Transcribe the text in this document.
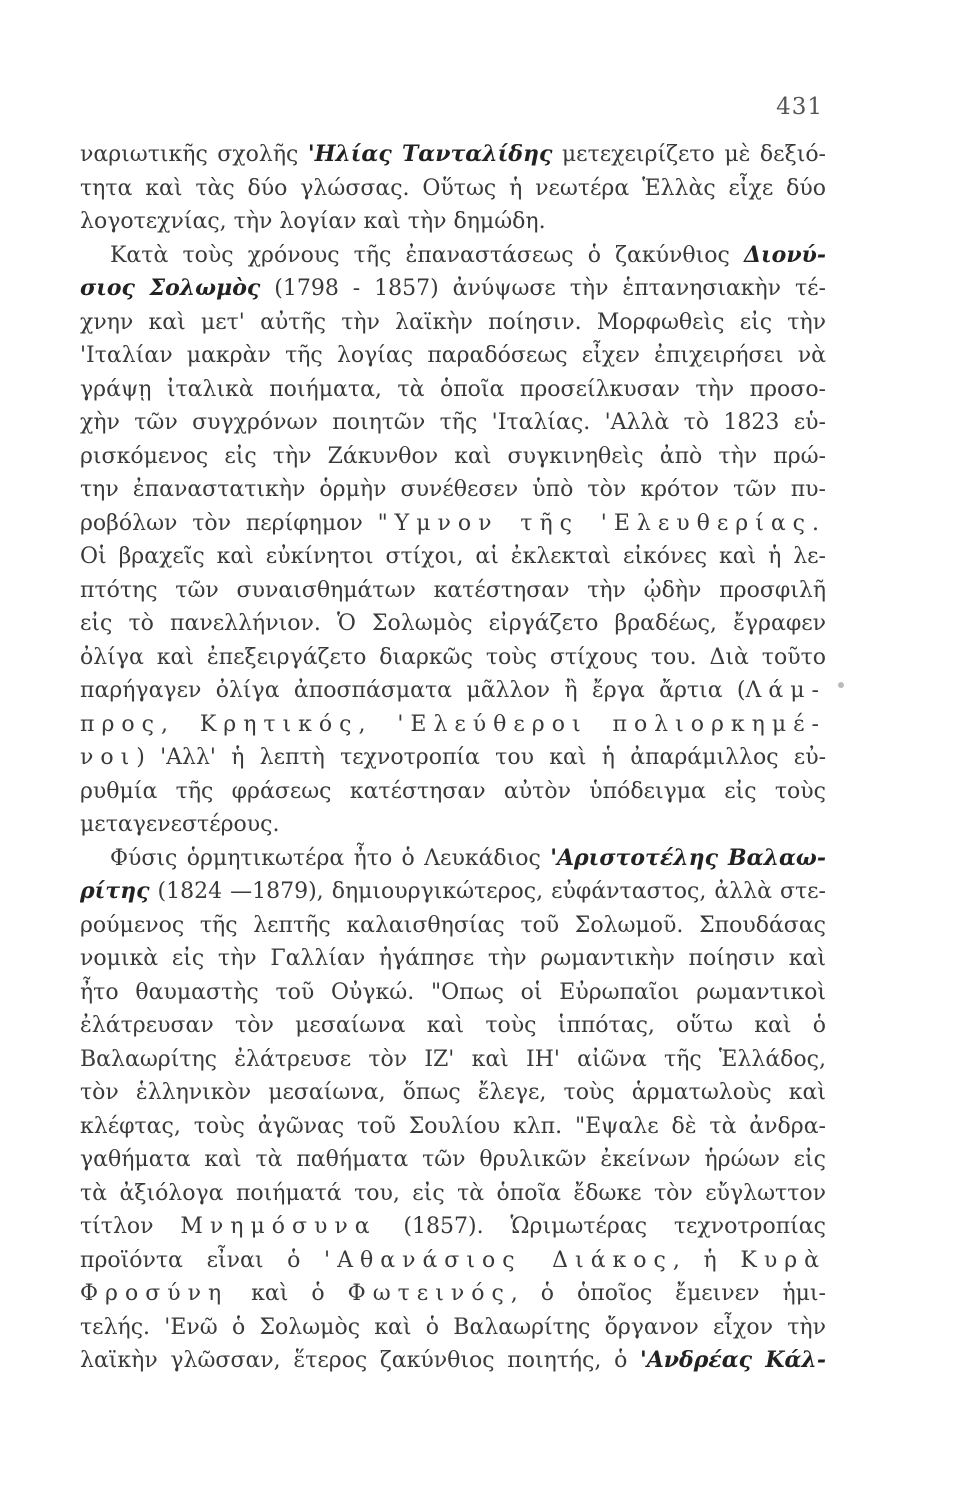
431
ναριωτικῆς σχολῆς 'Ηλίας Τανταλίδης μετεχειρίζετο μὲ δεξιό-
τητα καὶ τὰς δύο γλώσσας. Οὕτως ἡ νεωτέρα Ἑλλὰς εἶχε δύο
λογοτεχνίας, τὴν λογίαν καὶ τὴν δημώδη.
Κατὰ τοὺς χρόνους τῆς ἐπαναστάσεως ὁ ζακύνθιος Διονύ-
σιος Σολωμὸς (1798 - 1857) ἀνύψωσε τὴν ἑπτανησιακὴν τέ-
χνην καὶ μετ' αὐτῆς τὴν λαϊκὴν ποίησιν. Μορφωθεὶς εἰς τὴν
'Ιταλίαν μακρὰν τῆς λογίας παραδόσεως εἶχεν ἐπιχειρήσει νὰ
γράψῃ ἰταλικὰ ποιήματα, τὰ ὁποῖα προσείλκυσαν τὴν προσο-
χὴν τῶν συγχρόνων ποιητῶν τῆς 'Ιταλίας. 'Αλλὰ τὸ 1823 εὑ-
ρισκόμενος εἰς τὴν Ζάκυνθον καὶ συγκινηθεὶς ἀπὸ τὴν πρώ-
την ἐπαναστατικὴν ὁρμὴν συνέθεσεν ὑπὸ τὸν κρότον τῶν πυ-
ροβόλων τὸν περίφημον "Υμνον τῆς 'Ελευθερίας.
Οἱ βραχεῖς καὶ εὐκίνητοι στίχοι, αἱ ἐκλεκταὶ εἰκόνες καὶ ἡ λε-
πτότης τῶν συναισθημάτων κατέστησαν τὴν ᾠδὴν προσφιλῆ
εἰς τὸ πανελλήνιον. Ὁ Σολωμὸς εἰργάζετο βραδέως, ἔγραφεν
ὀλίγα καὶ ἐπεξειργάζετο διαρκῶς τοὺς στίχους του. Διὰ τοῦτο
παρήγαγεν ὀλίγα ἀποσπάσματα μᾶλλον ἢ ἔργα ἄρτια (Λάμ-
προς, Κρητικός, 'Ελεύθεροι πολιορκημέ-
νοι) 'Αλλ' ἡ λεπτὴ τεχνοτροπία του καὶ ἡ ἀπαράμιλλος εὐ-
ρυθμία τῆς φράσεως κατέστησαν αὐτὸν ὑπόδειγμα εἰς τοὺς
μεταγενεστέρους.
Φύσις ὁρμητικωτέρα ἦτο ὁ Λευκάδιος 'Αριστοτέλης Βαλαω-
ρίτης (1824 —1879), δημιουργικώτερος, εὐφάνταστος, ἀλλὰ στε-
ρούμενος τῆς λεπτῆς καλαισθησίας τοῦ Σολωμοῦ. Σπουδάσας
νομικὰ εἰς τὴν Γαλλίαν ἠγάπησε τὴν ρωμαντικὴν ποίησιν καὶ
ἦτο θαυμαστὴς τοῦ Οὐγκώ. "Οπως οἱ Εὐρωπαῖοι ρωμαντικοὶ
ἐλάτρευσαν τὸν μεσαίωνα καὶ τοὺς ἱππότας, οὕτω καὶ ὁ
Βαλαωρίτης ἐλάτρευσε τὸν ΙΖ' καὶ ΙΗ' αἰῶνα τῆς Ἑλλάδος,
τὸν ἑλληνικὸν μεσαίωνα, ὅπως ἔλεγε, τοὺς ἁρματωλοὺς καὶ
κλέφτας, τοὺς ἀγῶνας τοῦ Σουλίου κλπ. "Εψαλε δὲ τὰ ἀνδρα-
γαθήματα καὶ τὰ παθήματα τῶν θρυλικῶν ἐκείνων ἡρώων εἰς
τὰ ἀξιόλογα ποιήματά του, εἰς τὰ ὁποῖα ἔδωκε τὸν εὔγλωττον
τίτλον Μνημόσυνα (1857). Ὡριμωτέρας τεχνοτροπίας
προϊόντα εἶναι ὁ 'Αθανάσιος Διάκος, ἡ Κυρὰ
Φροσύνη καὶ ὁ Φωτεινός, ὁ ὁποῖος ἔμεινεν ἡμι-
τελής. 'Ενῶ ὁ Σολωμὸς καὶ ὁ Βαλαωρίτης ὄργανον εἶχον τὴν
λαϊκὴν γλῶσσαν, ἕτερος ζακύνθιος ποιητής, ὁ 'Ανδρέας Κάλ-
